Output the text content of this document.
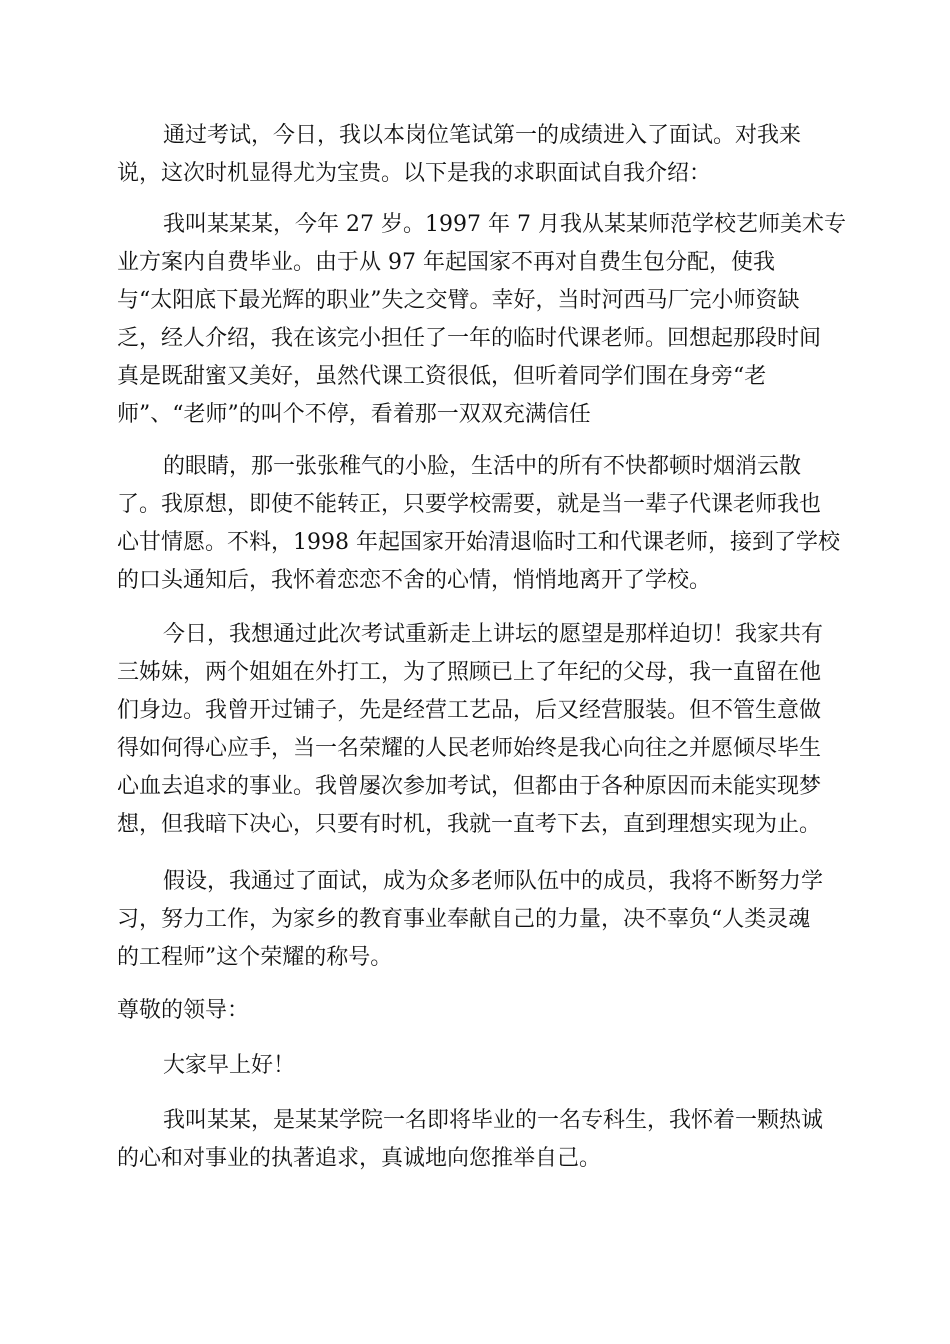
通过考试，今日，我以本岗位笔试第一的成绩进入了面试。对我来
说，这次时机显得尤为宝贵。以下是我的求职面试自我介绍：
我叫某某某，今年 27 岁。1997 年 7 月我从某某师范学校艺师美术专
业方案内自费毕业。由于从 97 年起国家不再对自费生包分配，使我
与“太阳底下最光辉的职业”失之交臂。幸好，当时河西马厂完小师资缺
乏，经人介绍，我在该完小担任了一年的临时代课老师。回想起那段时间
真是既甜蜜又美好，虽然代课工资很低，但听着同学们围在身旁“老
师”、“老师”的叫个不停，看着那一双双充满信任
的眼睛，那一张张稚气的小脸，生活中的所有不快都顿时烟消云散
了。我原想，即使不能转正，只要学校需要，就是当一辈子代课老师我也
心甘情愿。不料，1998 年起国家开始清退临时工和代课老师，接到了学校
的口头通知后，我怀着恋恋不舍的心情，悄悄地离开了学校。
今日，我想通过此次考试重新走上讲坛的愿望是那样迫切！我家共有
三姊妹，两个姐姐在外打工，为了照顾已上了年纪的父母，我一直留在他
们身边。我曾开过铺子，先是经营工艺品，后又经营服装。但不管生意做
得如何得心应手，当一名荣耀的人民老师始终是我心向往之并愿倾尽毕生
心血去追求的事业。我曾屡次参加考试，但都由于各种原因而未能实现梦
想，但我暗下决心，只要有时机，我就一直考下去，直到理想实现为止。
假设，我通过了面试，成为众多老师队伍中的成员，我将不断努力学
习，努力工作，为家乡的教育事业奉献自己的力量，决不辜负“人类灵魂
的工程师”这个荣耀的称号。
尊敬的领导：
大家早上好！
我叫某某，是某某学院一名即将毕业的一名专科生，我怀着一颗热诚
的心和对事业的执著追求，真诚地向您推举自己。
